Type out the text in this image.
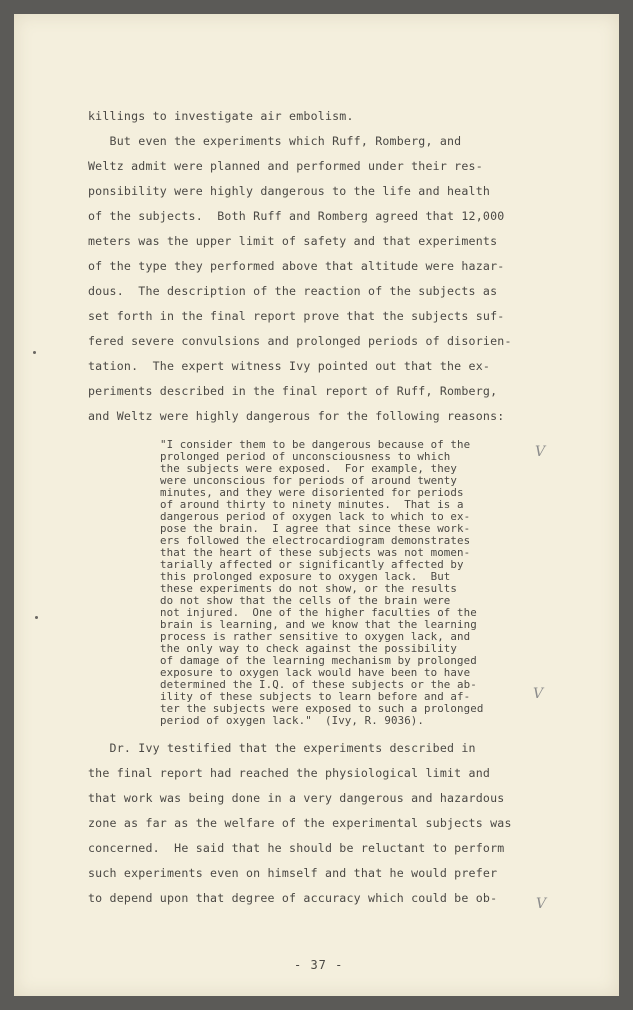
killings to investigate air embolism.
But even the experiments which Ruff, Romberg, and
Weltz admit were planned and performed under their res-
ponsibility were highly dangerous to the life and health
of the subjects.  Both Ruff and Romberg agreed that 12,000
meters was the upper limit of safety and that experiments
of the type they performed above that altitude were hazar-
dous.  The description of the reaction of the subjects as
set forth in the final report prove that the subjects suf-
fered severe convulsions and prolonged periods of disorien-
tation.  The expert witness Ivy pointed out that the ex-
periments described in the final report of Ruff, Romberg,
and Weltz were highly dangerous for the following reasons:
"I consider them to be dangerous because of the
prolonged period of unconsciousness to which
the subjects were exposed.  For example, they
were unconscious for periods of around twenty
minutes, and they were disoriented for periods
of around thirty to ninety minutes.  That is a
dangerous period of oxygen lack to which to ex-
pose the brain.  I agree that since these work-
ers followed the electrocardiogram demonstrates
that the heart of these subjects was not momen-
tarially affected or significantly affected by
this prolonged exposure to oxygen lack.  But
these experiments do not show, or the results
do not show that the cells of the brain were
not injured.  One of the higher faculties of the
brain is learning, and we know that the learning
process is rather sensitive to oxygen lack, and
the only way to check against the possibility
of damage of the learning mechanism by prolonged
exposure to oxygen lack would have been to have
determined the I.Q. of these subjects or the ab-
ility of these subjects to learn before and af-
ter the subjects were exposed to such a prolonged
period of oxygen lack."  (Ivy, R. 9036).
Dr. Ivy testified that the experiments described in
the final report had reached the physiological limit and
that work was being done in a very dangerous and hazardous
zone as far as the welfare of the experimental subjects was
concerned.  He said that he should be reluctant to perform
such experiments even on himself and that he would prefer
to depend upon that degree of accuracy which could be ob-
- 37 -
V
V
V
